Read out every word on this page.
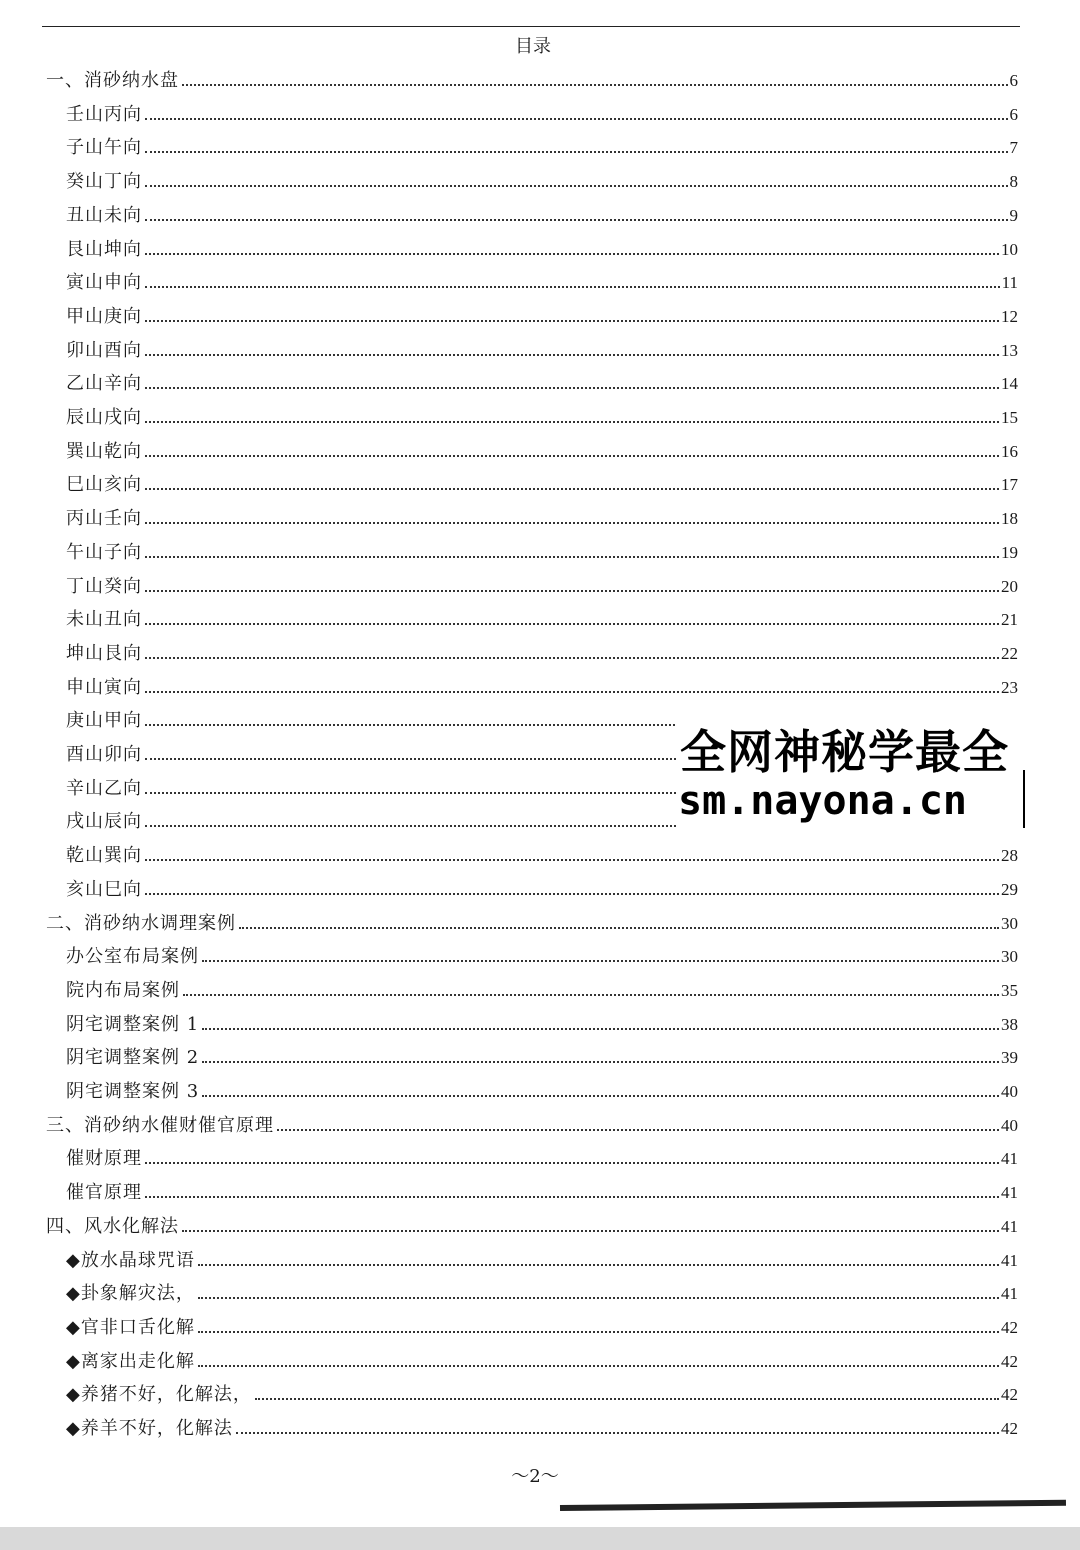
目录
一、消砂纳水盘	6
壬山丙向	6
子山午向	7
癸山丁向	8
丑山未向	9
艮山坤向	10
寅山申向	11
甲山庚向	12
卯山酉向	13
乙山辛向	14
辰山戌向	15
巽山乾向	16
巳山亥向	17
丙山壬向	18
午山子向	19
丁山癸向	20
未山丑向	21
坤山艮向	22
申山寅向	23
庚山甲向
酉山卯向
辛山乙向
戌山辰向
乾山巽向	28
亥山巳向	29
二、消砂纳水调理案例	30
办公室布局案例	30
院内布局案例	35
阴宅调整案例 1	38
阴宅调整案例 2	39
阴宅调整案例 3	40
三、消砂纳水催财催官原理	40
催财原理	41
催官原理	41
四、风水化解法	41
◆放水晶球咒语	41
◆卦象解灾法，	41
◆官非口舌化解	42
◆离家出走化解	42
◆养猪不好，化解法，	42
◆养羊不好，化解法	42
全网神秘学最全
sm.nayona.cn
～2～
